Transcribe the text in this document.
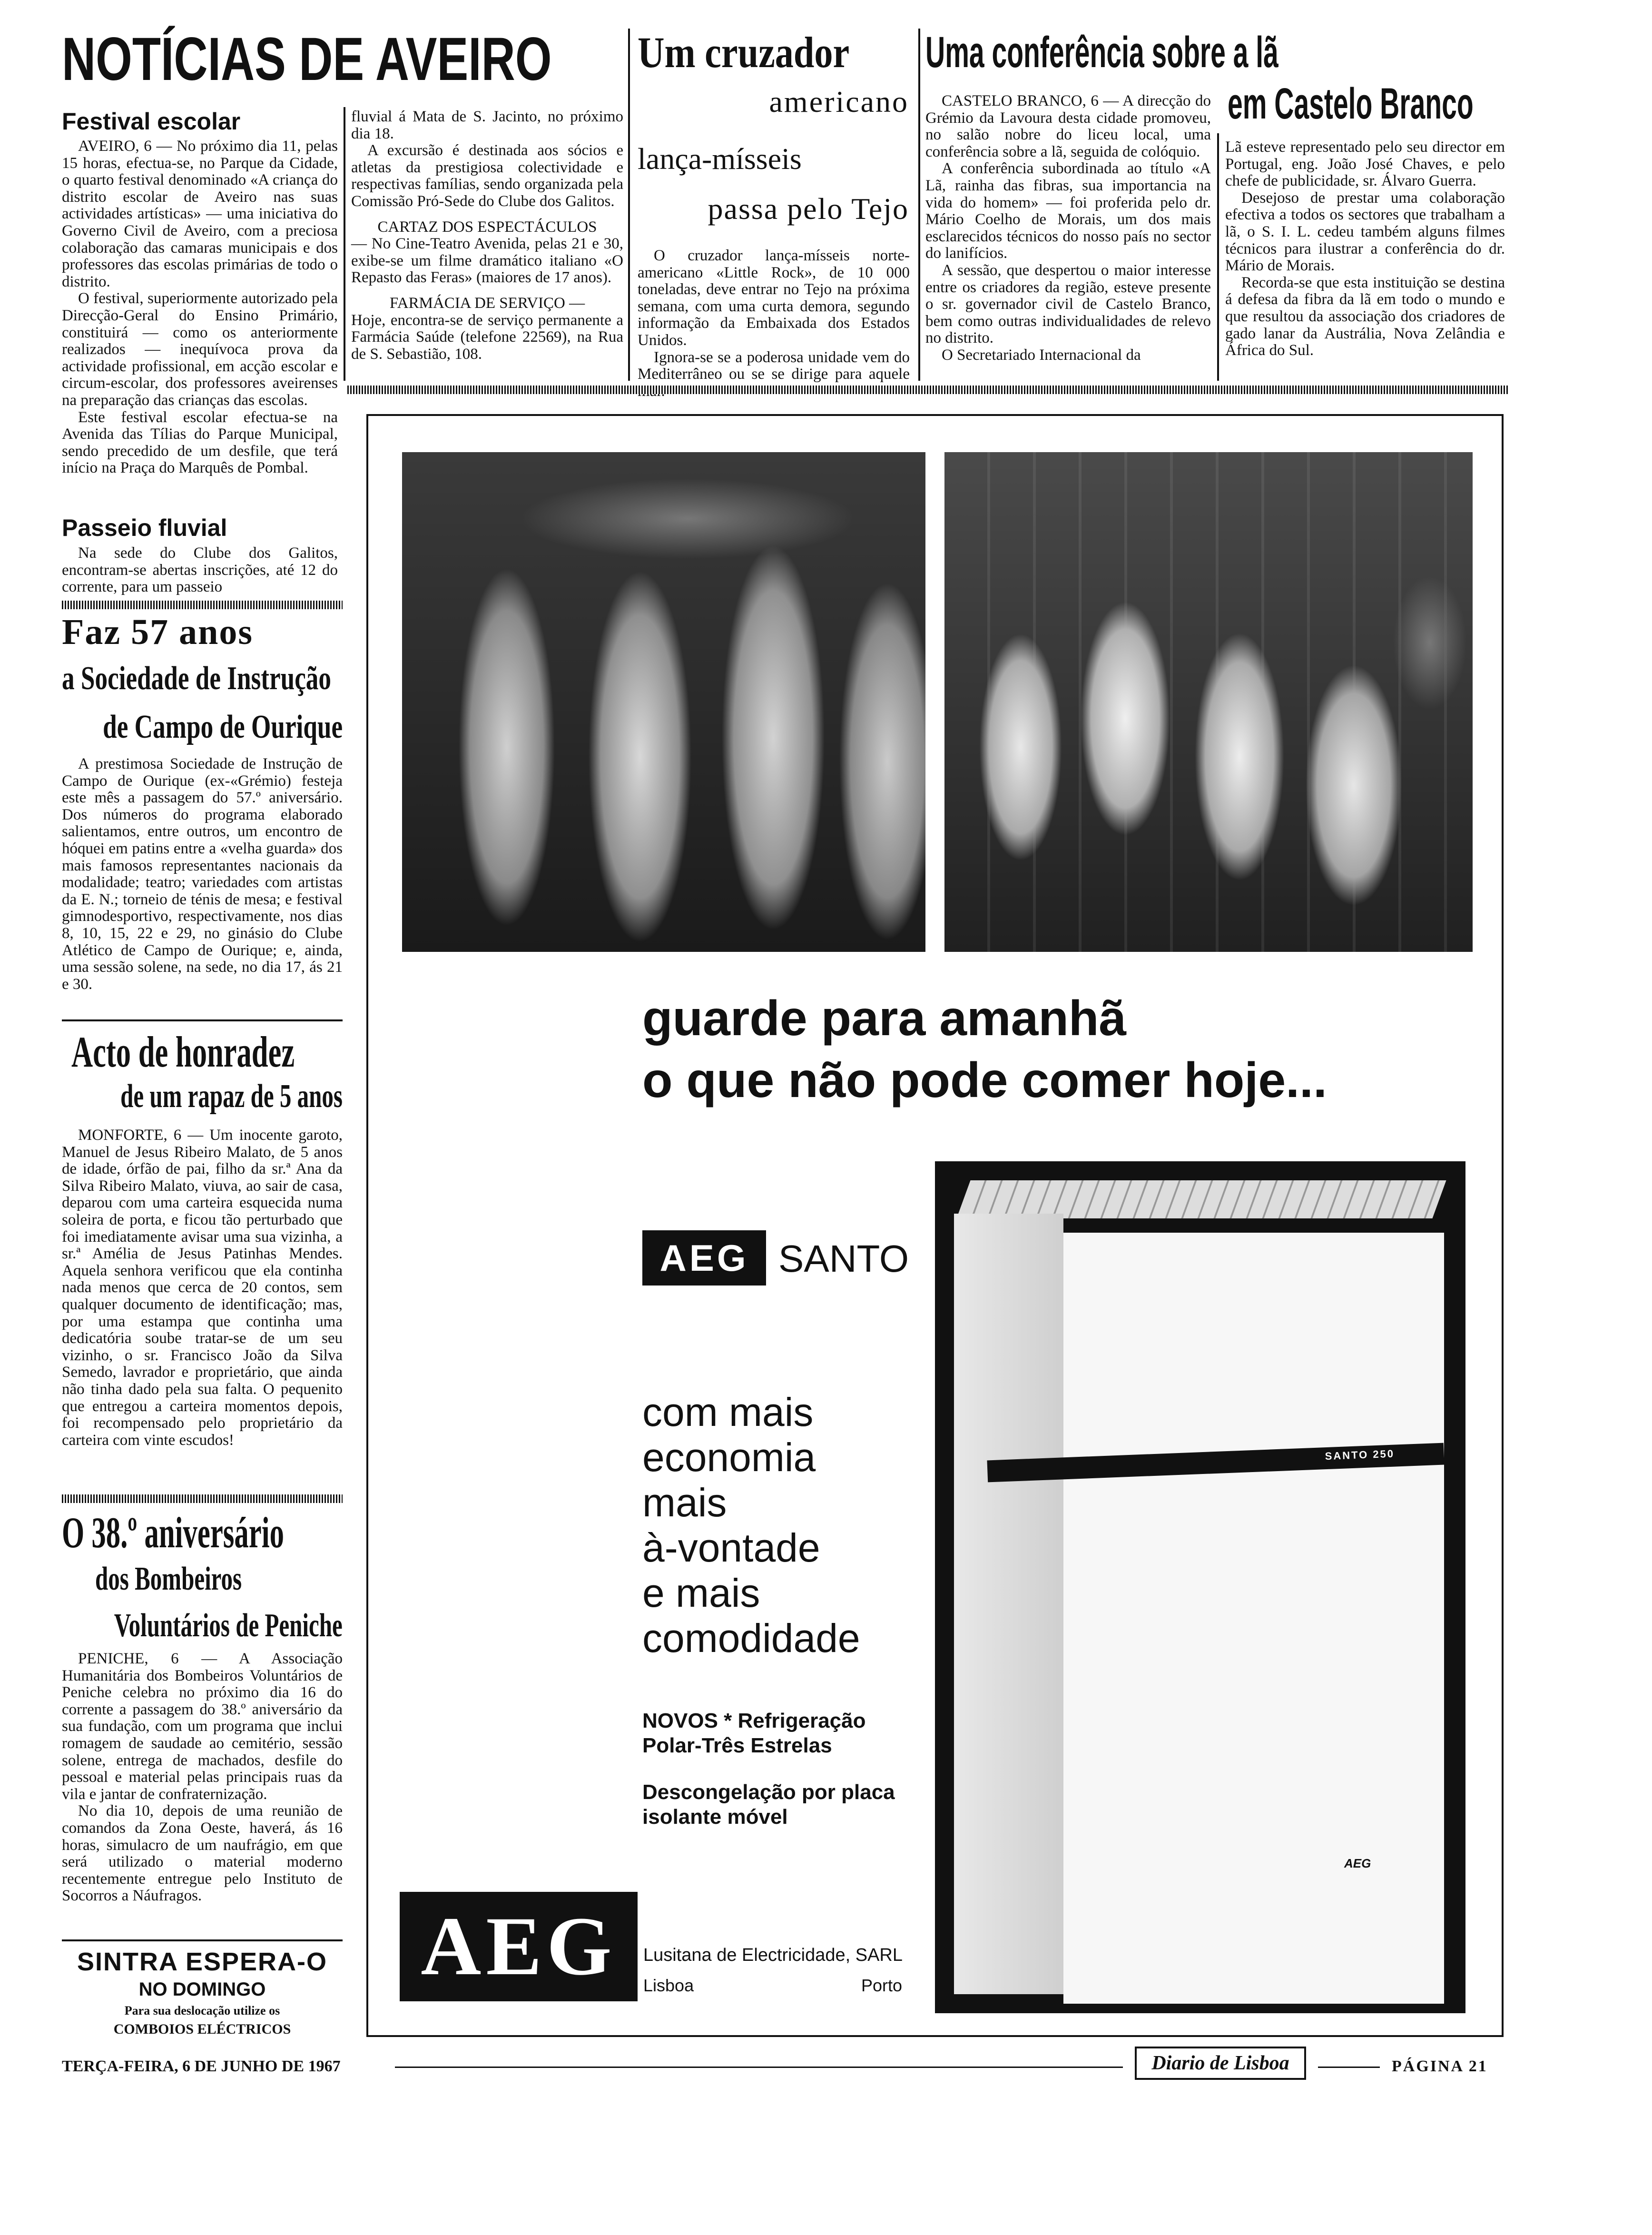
NOTÍCIAS DE AVEIRO
Festival escolar

AVEIRO, 6 — No próximo dia 11, pelas 15 horas, efectua-se, no Parque da Cidade, o quarto festival denominado «A criança do distrito escolar de Aveiro nas suas actividades artísticas» — uma iniciativa do Governo Civil de Aveiro, com a preciosa colaboração das camaras municipais e dos professores das escolas primárias de todo o distrito.

O festival, superiormente autorizado pela Direcção-Geral do Ensino Primário, constituirá — como os anteriormente realizados — inequívoca prova da actividade profissional, em acção escolar e circum-escolar, dos professores aveirenses na preparação das crianças das escolas.

Este festival escolar efectua-se na Avenida das Tílias do Parque Municipal, sendo precedido de um desfile, que terá início na Praça do Marquês de Pombal.

Passeio fluvial

Na sede do Clube dos Galitos, encontram-se abertas inscrições, até 12 do corrente, para um passeio

fluvial á Mata de S. Jacinto, no próximo dia 18.

A excursão é destinada aos sócios e atletas da prestigiosa colectividade e respectivas famílias, sendo organizada pela Comissão Pró-Sede do Clube dos Galitos.

CARTAZ DOS ESPECTÁCULOS

— No Cine-Teatro Avenida, pelas 21 e 30, exibe-se um filme dramático italiano «O Repasto das Feras» (maiores de 17 anos).

FARMÁCIA DE SERVIÇO —

Hoje, encontra-se de serviço permanente a Farmácia Saúde (telefone 22569), na Rua de S. Sebastião, 108.

Um cruzador
americano
lança-mísseis
passa pelo Tejo

O cruzador lança-mísseis norte-americano «Little Rock», de 10 000 toneladas, deve entrar no Tejo na próxima semana, com uma curta demora, segundo informação da Embaixada dos Estados Unidos.

Ignora-se se a poderosa unidade vem do Mediterrâneo ou se se dirige para aquele

Uma conferência sobre a lã
em Castelo Branco

CASTELO BRANCO, 6 — A direcção do Grémio da Lavoura desta cidade promoveu, no salão nobre do liceu local, uma conferência sobre a lã, seguida de colóquio.

A conferência subordinada ao título «A Lã, rainha das fibras, sua importancia na vida do homem» — foi proferida pelo dr. Mário Coelho de Morais, um dos mais esclarecidos técnicos do nosso país no sector do lanifícios.

A sessão, que despertou o maior interesse entre os criadores da região, esteve presente o sr. governador civil de Castelo Branco, bem como outras individualidades de relevo no distrito.

O Secretariado Internacional da

Lã esteve representado pelo seu director em Portugal, eng. João José Chaves, e pelo chefe de publicidade, sr. Álvaro Guerra.

Desejoso de prestar uma colaboração efectiva a todos os sectores que trabalham a lã, o S. I. L. cedeu também alguns filmes técnicos para ilustrar a conferência do dr. Mário de Morais.

Recorda-se que esta instituição se destina á defesa da fibra da lã em todo o mundo e que resultou da associação dos criadores de gado lanar da Austrália, Nova Zelândia e África do Sul.

Faz 57 anos
a Sociedade de Instrução
de Campo de Ourique

A prestimosa Sociedade de Instrução de Campo de Ourique (ex-«Grémio) festeja este mês a passagem do 57.º aniversário. Dos números do programa elaborado salientamos, entre outros, um encontro de hóquei em patins entre a «velha guarda» dos mais famosos representantes nacionais da modalidade; teatro; variedades com artistas da E. N.; torneio de ténis de mesa; e festival gimnodesportivo, respectivamente, nos dias 8, 10, 15, 22 e 29, no ginásio do Clube Atlético de Campo de Ourique; e, ainda, uma sessão solene, na sede, no dia 17, ás 21 e 30.

Acto de honradez
de um rapaz de 5 anos

MONFORTE, 6 — Um inocente garoto, Manuel de Jesus Ribeiro Malato, de 5 anos de idade, órfão de pai, filho da sr.ª Ana da Silva Ribeiro Malato, viuva, ao sair de casa, deparou com uma carteira esquecida numa soleira de porta, e ficou tão perturbado que foi imediatamente avisar uma sua vizinha, a sr.ª Amélia de Jesus Patinhas Mendes. Aquela senhora verificou que ela continha nada menos que cerca de 20 contos, sem qualquer documento de identificação; mas, por uma estampa que continha uma dedicatória soube tratar-se de um seu vizinho, o sr. Francisco João da Silva Semedo, lavrador e proprietário, que ainda não tinha dado pela sua falta. O pequenito que entregou a carteira momentos depois, foi recompensado pelo proprietário da carteira com vinte escudos!

O 38.º aniversário
dos Bombeiros
Voluntários de Peniche

PENICHE, 6 — A Associação Humanitária dos Bombeiros Voluntários de Peniche celebra no próximo dia 16 do corrente a passagem do 38.º aniversário da sua fundação, com um programa que inclui romagem de saudade ao cemitério, sessão solene, entrega de machados, desfile do pessoal e material pelas principais ruas da vila e jantar de confraternização.

No dia 10, depois de uma reunião de comandos da Zona Oeste, haverá, ás 16 horas, simulacro de um naufrágio, em que será utilizado o material moderno recentemente entregue pelo Instituto de Socorros a Náufragos.

SINTRA ESPERA-O
NO DOMINGO
Para sua deslocação utilize os
COMBOIOS ELÉCTRICOS
guarde para amanhã
o que não pode comer hoje...
AEG SANTO
com mais
economia
mais
à-vontade
e mais
comodidade
NOVOS * Refrigeração
Polar-Três Estrelas
Descongelação por placa
isolante móvel
SANTO 250
AEG
AEG	Lusitana de Electricidade, SARL
Lisboa	Porto
TERÇA-FEIRA, 6 DE JUNHO DE 1967	Diario de Lisboa	PÁGINA 21
